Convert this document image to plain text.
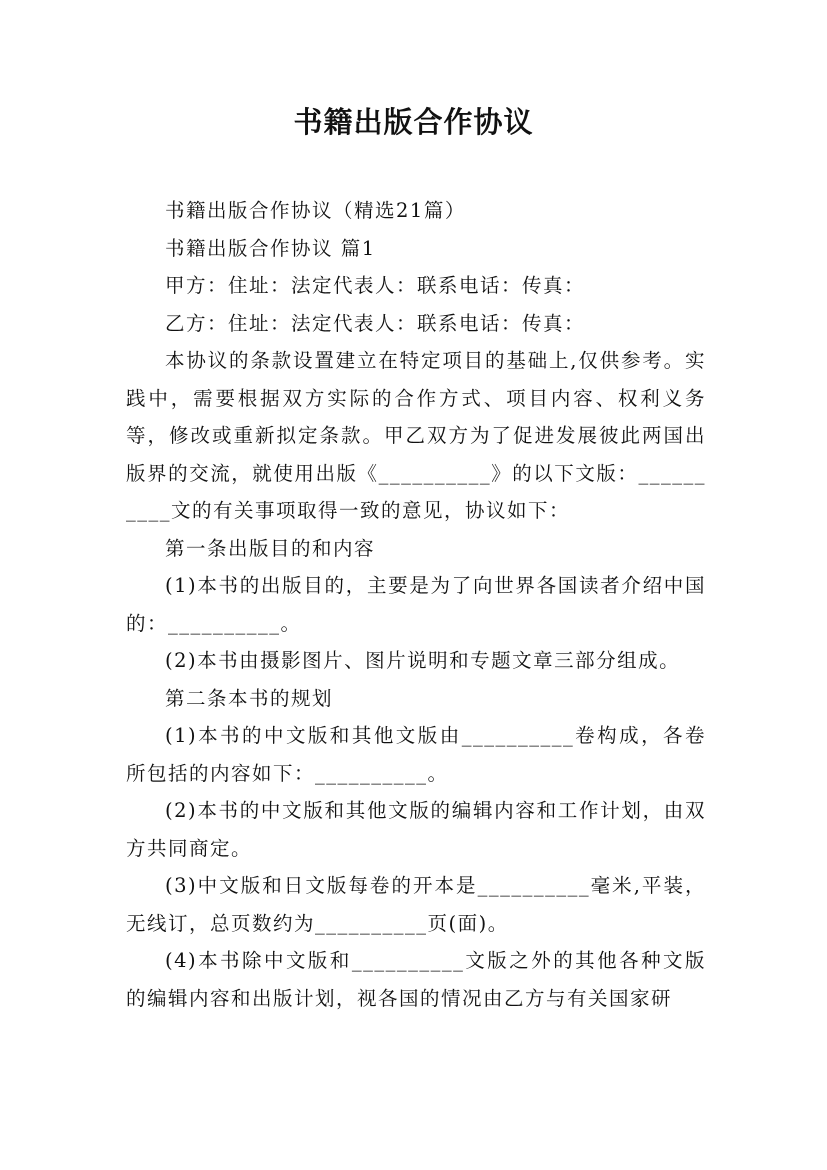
书籍出版合作协议

书籍出版合作协议（精选21篇）

书籍出版合作协议 篇1

甲方：住址：法定代表人：联系电话：传真：

乙方：住址：法定代表人：联系电话：传真：

本协议的条款设置建立在特定项目的基础上,仅供参考。实践中，需要根据双方实际的合作方式、项目内容、权利义务等，修改或重新拟定条款。甲乙双方为了促进发展彼此两国出版界的交流，就使用出版《__________》的以下文版：__________文的有关事项取得一致的意见，协议如下：

第一条出版目的和内容

(1)本书的出版目的，主要是为了向世界各国读者介绍中国的：__________。

(2)本书由摄影图片、图片说明和专题文章三部分组成。

第二条本书的规划

(1)本书的中文版和其他文版由__________卷构成，各卷所包括的内容如下：__________。

(2)本书的中文版和其他文版的编辑内容和工作计划，由双方共同商定。

(3)中文版和日文版每卷的开本是__________毫米,平装，无线订，总页数约为__________页(面)。

(4)本书除中文版和__________文版之外的其他各种文版的编辑内容和出版计划，视各国的情况由乙方与有关国家研
